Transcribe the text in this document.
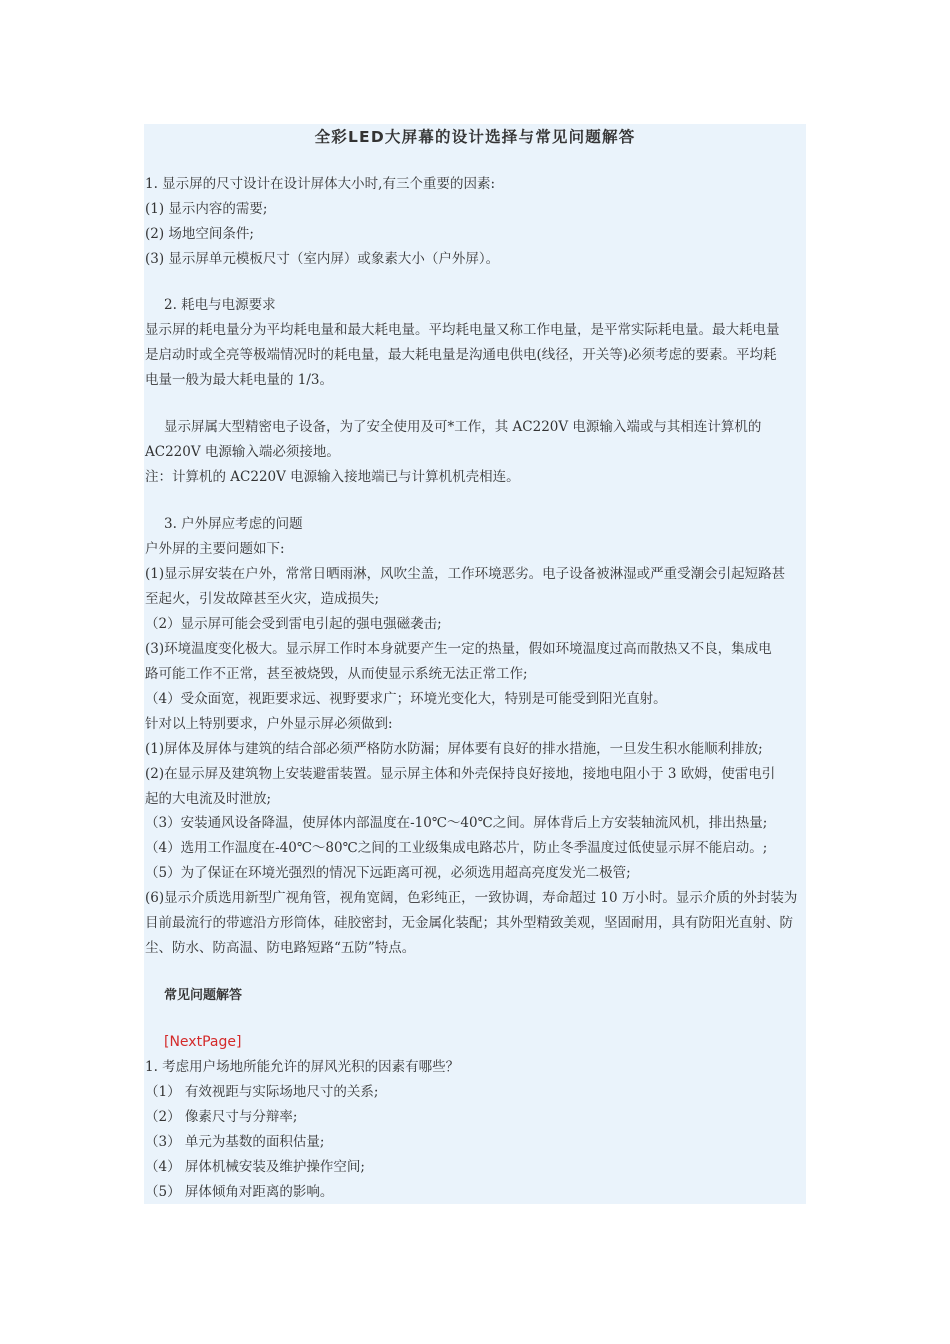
全彩LED大屏幕的设计选择与常见问题解答
1. 显示屏的尺寸设计在设计屏体大小时,有三个重要的因素:
(1) 显示内容的需要;
(2) 场地空间条件;
(3) 显示屏单元模板尺寸（室内屏）或象素大小（户外屏）。
2. 耗电与电源要求
显示屏的耗电量分为平均耗电量和最大耗电量。平均耗电量又称工作电量，是平常实际耗电量。最大耗电量
是启动时或全亮等极端情况时的耗电量，最大耗电量是沟通电供电(线径，开关等)必须考虑的要素。平均耗
电量一般为最大耗电量的 1/3。
显示屏属大型精密电子设备，为了安全使用及可*工作，其 AC220V 电源输入端或与其相连计算机的
AC220V 电源输入端必须接地。
注：计算机的 AC220V 电源输入接地端已与计算机机壳相连。
3. 户外屏应考虑的问题
户外屏的主要问题如下:
(1)显示屏安装在户外，常常日晒雨淋，风吹尘盖，工作环境恶劣。电子设备被淋湿或严重受潮会引起短路甚
至起火，引发故障甚至火灾，造成损失;
（2）显示屏可能会受到雷电引起的强电强磁袭击;
(3)环境温度变化极大。显示屏工作时本身就要产生一定的热量，假如环境温度过高而散热又不良，集成电
路可能工作不正常，甚至被烧毁，从而使显示系统无法正常工作;
（4）受众面宽，视距要求远、视野要求广；环境光变化大，特别是可能受到阳光直射。
针对以上特别要求，户外显示屏必须做到:
(1)屏体及屏体与建筑的结合部必须严格防水防漏；屏体要有良好的排水措施，一旦发生积水能顺利排放;
(2)在显示屏及建筑物上安装避雷装置。显示屏主体和外壳保持良好接地，接地电阻小于 3 欧姆，使雷电引
起的大电流及时泄放;
（3）安装通风设备降温，使屏体内部温度在-10℃～40℃之间。屏体背后上方安装轴流风机，排出热量;
（4）选用工作温度在-40℃～80℃之间的工业级集成电路芯片，防止冬季温度过低使显示屏不能启动。;
（5）为了保证在环境光强烈的情况下远距离可视，必须选用超高亮度发光二极管;
(6)显示介质选用新型广视角管，视角宽阔，色彩纯正，一致协调，寿命超过 10 万小时。显示介质的外封装为
目前最流行的带遮沿方形筒体，硅胶密封，无金属化装配；其外型精致美观，坚固耐用，具有防阳光直射、防
尘、防水、防高温、防电路短路“五防”特点。
常见问题解答
[NextPage]
1. 考虑用户场地所能允许的屏风光积的因素有哪些？
（1） 有效视距与实际场地尺寸的关系;
（2） 像素尺寸与分辩率;
（3） 单元为基数的面积估量;
（4） 屏体机械安装及维护操作空间;
（5） 屏体倾角对距离的影响。
